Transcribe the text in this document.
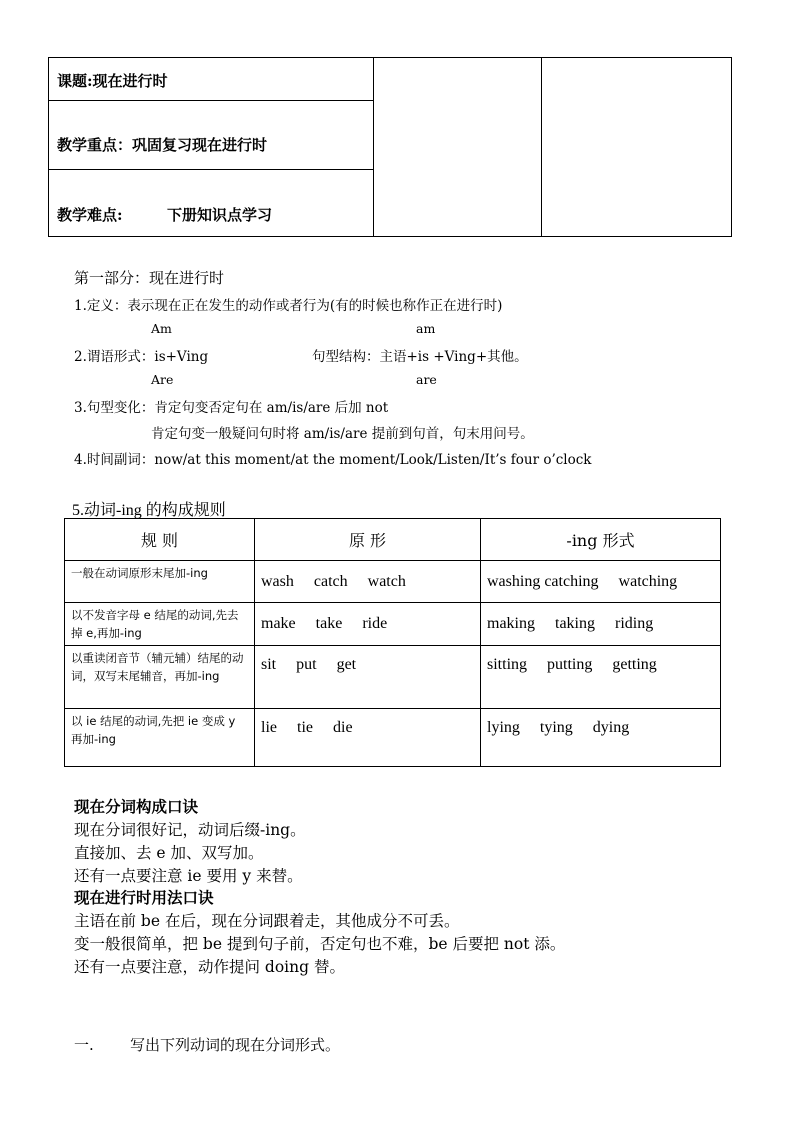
课题:现在进行时
教学重点：巩固复习现在进行时
教学难点:	下册知识点学习
第一部分：现在进行时
1.定义：表示现在正在发生的动作或者行为(有的时候也称作正在进行时)
Am	am
2.谓语形式：is+Ving	句型结构：主语+is +Ving+其他。
Are	are
3.句型变化：肯定句变否定句在 am/is/are 后加 not
肯定句变一般疑问句时将 am/is/are 提前到句首，句末用问号。
4.时间副词：now/at this moment/at the moment/Look/Listen/It’s four o’clock
5.动词-ing 的构成规则
规 则	原 形	-ing 形式
一般在动词原形末尾加-ing	wash catch watch	washing catching watching
以不发音字母 e 结尾的动词,先去掉 e,再加-ing	make take ride	making taking riding
以重读闭音节（辅元辅）结尾的动词，双写末尾辅音，再加-ing	sit put get	sitting putting getting
以 ie 结尾的动词,先把 ie 变成 y 再加-ing	lie tie die	lying tying dying
现在分词构成口诀
现在分词很好记，动词后缀-ing。
直接加、去 e 加、双写加。
还有一点要注意 ie 要用 y 来替。
现在进行时用法口诀
主语在前 be 在后，现在分词跟着走，其他成分不可丢。
变一般很简单，把 be 提到句子前，否定句也不难，be 后要把 not 添。
还有一点要注意，动作提问 doing 替。
一. 写出下列动词的现在分词形式。
